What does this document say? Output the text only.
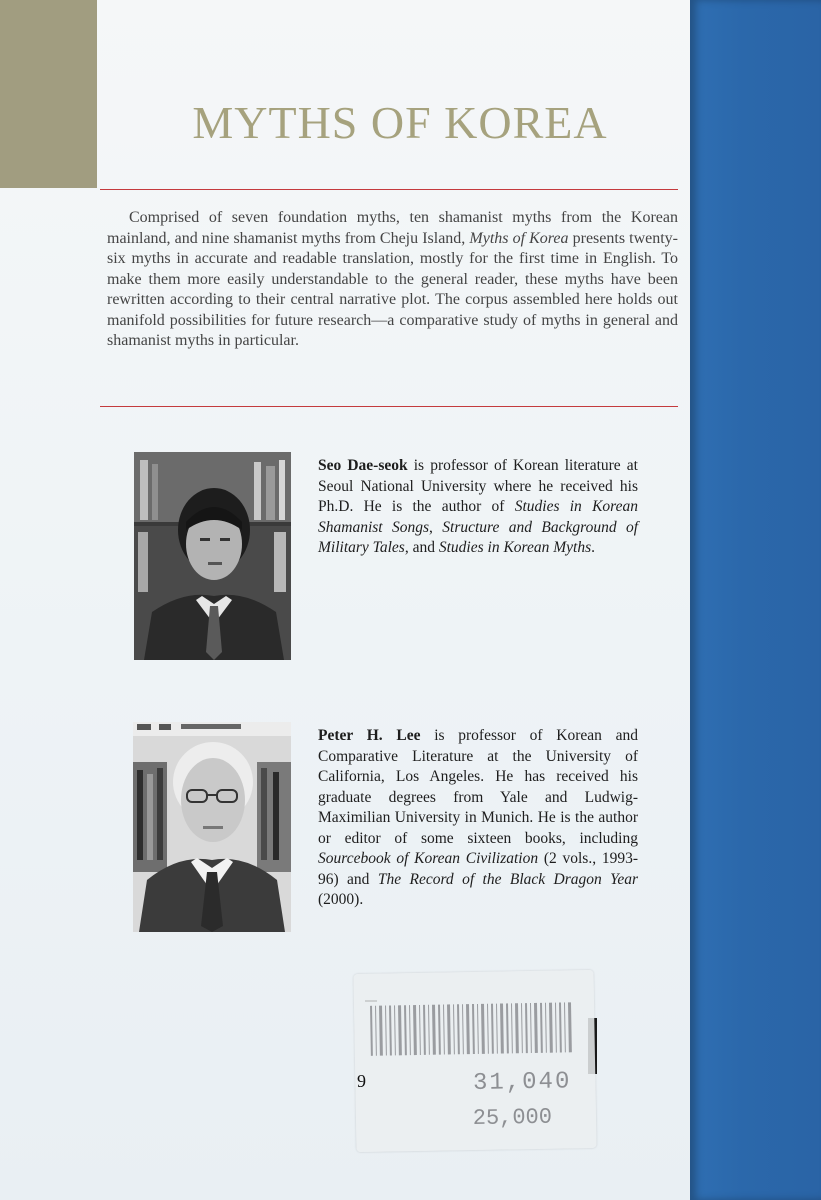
MYTHS OF KOREA

Comprised of seven foundation myths, ten shamanist myths from the Korean mainland, and nine shamanist myths from Cheju Island, Myths of Korea presents twenty-six myths in accurate and readable translation, mostly for the first time in English. To make them more easily understandable to the general reader, these myths have been rewritten according to their central narrative plot. The corpus assembled here holds out manifold possibilities for future research—a comparative study of myths in general and shamanist myths in particular.

Seo Dae-seok is professor of Korean literature at Seoul National University where he received his Ph.D. He is the author of Studies in Korean Shamanist Songs, Structure and Background of Military Tales, and Studies in Korean Myths.

Peter H. Lee is professor of Korean and Comparative Literature at the University of California, Los Angeles. He has received his graduate degrees from Yale and Ludwig-Maximilian University in Munich. He is the author or editor of some sixteen books, including Sourcebook of Korean Civilization (2 vols., 1993-96) and The Record of the Black Dragon Year (2000).

31,040
25,000
9
